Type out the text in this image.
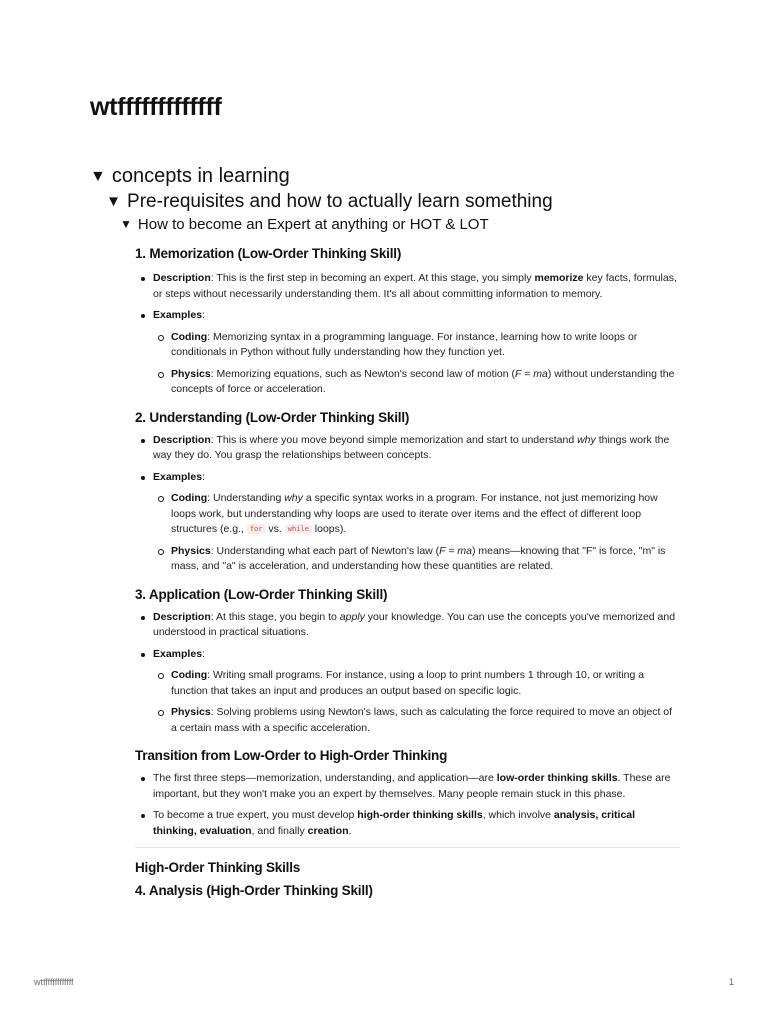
wtfffffffffffff
▼ concepts in learning
▼ Pre-requisites and how to actually learn something
▼ How to become an Expert at anything or HOT & LOT
1. Memorization (Low-Order Thinking Skill)
Description: This is the first step in becoming an expert. At this stage, you simply memorize key facts, formulas, or steps without necessarily understanding them. It's all about committing information to memory.
Examples:
Coding: Memorizing syntax in a programming language. For instance, learning how to write loops or conditionals in Python without fully understanding how they function yet.
Physics: Memorizing equations, such as Newton's second law of motion (F = ma) without understanding the concepts of force or acceleration.
2. Understanding (Low-Order Thinking Skill)
Description: This is where you move beyond simple memorization and start to understand why things work the way they do. You grasp the relationships between concepts.
Examples:
Coding: Understanding why a specific syntax works in a program. For instance, not just memorizing how loops work, but understanding why loops are used to iterate over items and the effect of different loop structures (e.g., for vs. while loops).
Physics: Understanding what each part of Newton's law (F = ma) means—knowing that "F" is force, "m" is mass, and "a" is acceleration, and understanding how these quantities are related.
3. Application (Low-Order Thinking Skill)
Description: At this stage, you begin to apply your knowledge. You can use the concepts you've memorized and understood in practical situations.
Examples:
Coding: Writing small programs. For instance, using a loop to print numbers 1 through 10, or writing a function that takes an input and produces an output based on specific logic.
Physics: Solving problems using Newton's laws, such as calculating the force required to move an object of a certain mass with a specific acceleration.
Transition from Low-Order to High-Order Thinking
The first three steps—memorization, understanding, and application—are low-order thinking skills. These are important, but they won't make you an expert by themselves. Many people remain stuck in this phase.
To become a true expert, you must develop high-order thinking skills, which involve analysis, critical thinking, evaluation, and finally creation.
High-Order Thinking Skills
4. Analysis (High-Order Thinking Skill)
wtfffffffffffff	1
